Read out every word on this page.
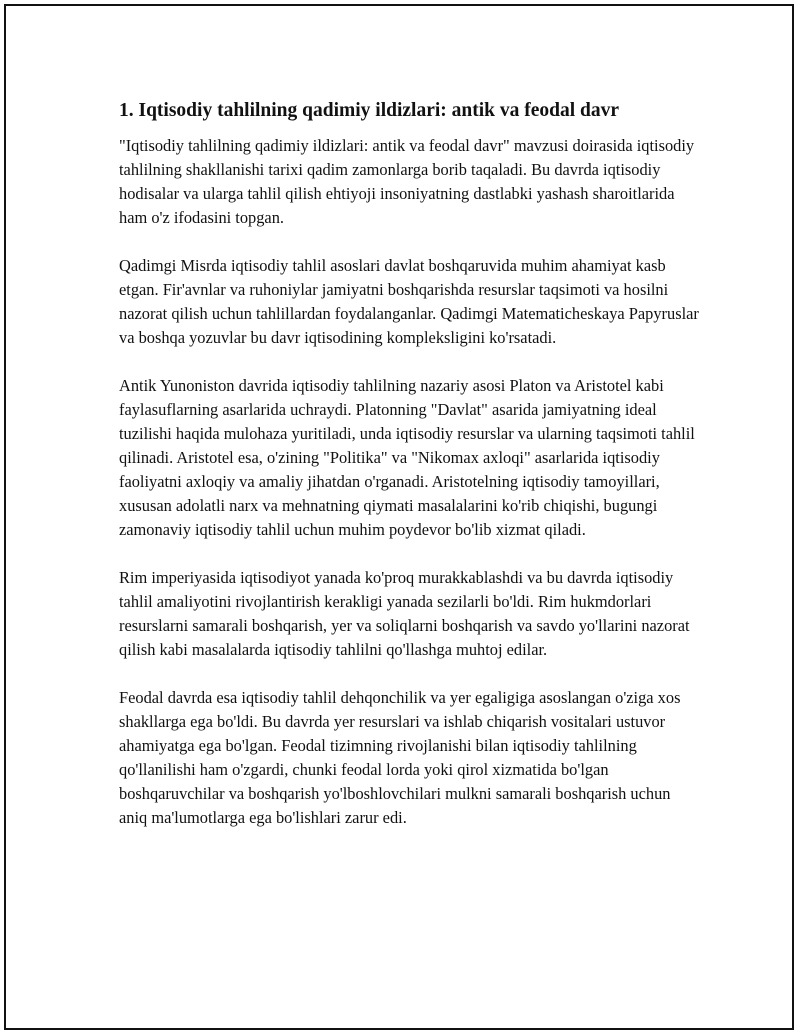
1. Iqtisodiy tahlilning qadimiy ildizlari: antik va feodal davr

"Iqtisodiy tahlilning qadimiy ildizlari: antik va feodal davr" mavzusi doirasida iqtisodiy tahlilning shakllanishi tarixi qadim zamonlarga borib taqaladi. Bu davrda iqtisodiy hodisalar va ularga tahlil qilish ehtiyoji insoniyatning dastlabki yashash sharoitlarida ham o'z ifodasini topgan.

Qadimgi Misrda iqtisodiy tahlil asoslari davlat boshqaruvida muhim ahamiyat kasb etgan. Fir'avnlar va ruhoniylar jamiyatni boshqarishda resurslar taqsimoti va hosilni nazorat qilish uchun tahlillardan foydalanganlar. Qadimgi Matematicheskaya Papyruslar va boshqa yozuvlar bu davr iqtisodining kompleksligini ko'rsatadi.

Antik Yunoniston davrida iqtisodiy tahlilning nazariy asosi Platon va Aristotel kabi faylasuflarning asarlarida uchraydi. Platonning "Davlat" asarida jamiyatning ideal tuzilishi haqida mulohaza yuritiladi, unda iqtisodiy resurslar va ularning taqsimoti tahlil qilinadi. Aristotel esa, o'zining "Politika" va "Nikomax axloqi" asarlarida iqtisodiy faoliyatni axloqiy va amaliy jihatdan o'rganadi. Aristotelning iqtisodiy tamoyillari, xususan adolatli narx va mehnatning qiymati masalalarini ko'rib chiqishi, bugungi zamonaviy iqtisodiy tahlil uchun muhim poydevor bo'lib xizmat qiladi.

Rim imperiyasida iqtisodiyot yanada ko'proq murakkablashdi va bu davrda iqtisodiy tahlil amaliyotini rivojlantirish kerakligi yanada sezilarli bo'ldi. Rim hukmdorlari resurslarni samarali boshqarish, yer va soliqlarni boshqarish va savdo yo'llarini nazorat qilish kabi masalalarda iqtisodiy tahlilni qo'llashga muhtoj edilar.

Feodal davrda esa iqtisodiy tahlil dehqonchilik va yer egaligiga asoslangan o'ziga xos shakllarga ega bo'ldi. Bu davrda yer resurslari va ishlab chiqarish vositalari ustuvor ahamiyatga ega bo'lgan. Feodal tizimning rivojlanishi bilan iqtisodiy tahlilning qo'llanilishi ham o'zgardi, chunki feodal lorda yoki qirol xizmatida bo'lgan boshqaruvchilar va boshqarish yo'lboshlovchilari mulkni samarali boshqarish uchun aniq ma'lumotlarga ega bo'lishlari zarur edi.
